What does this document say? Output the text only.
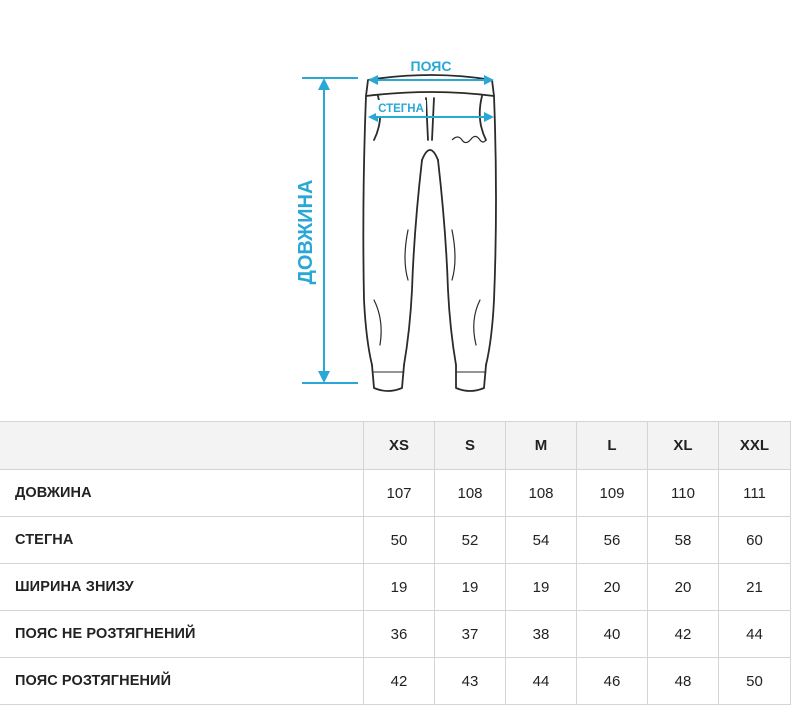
ПОЯС
СТЕГНА
ДОВЖИНА
	XS	S	M	L	XL	XXL
ДОВЖИНА	107	108	108	109	110	111
СТЕГНА	50	52	54	56	58	60
ШИРИНА ЗНИЗУ	19	19	19	20	20	21
ПОЯС НЕ РОЗТЯГНЕНИЙ	36	37	38	40	42	44
ПОЯС РОЗТЯГНЕНИЙ	42	43	44	46	48	50
